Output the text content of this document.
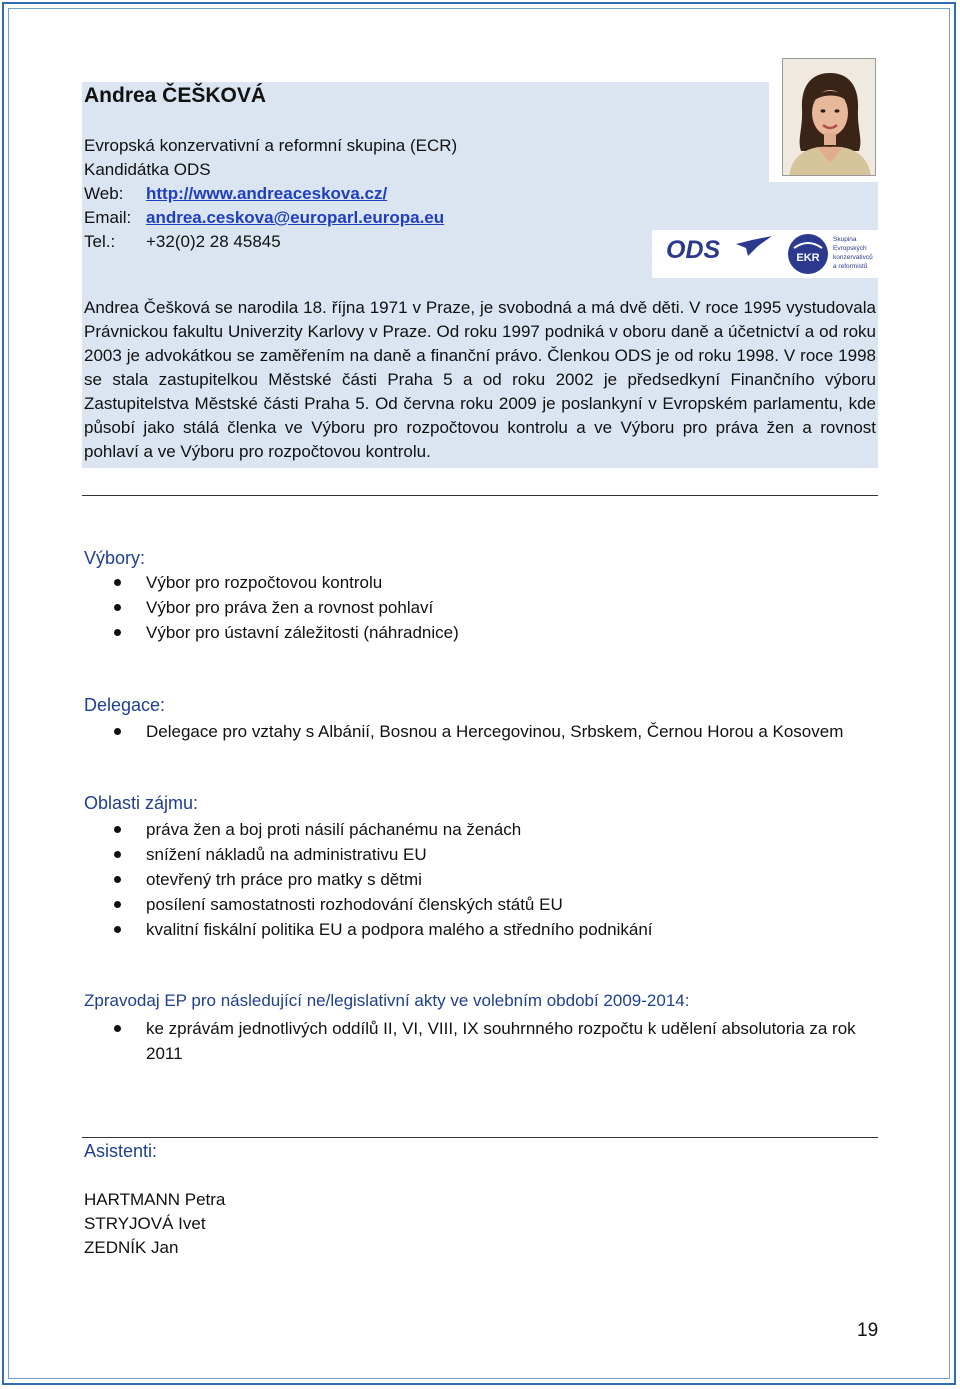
ODS	EKR
Skupina
Evropských
konzervativců
a reformistů
Andrea ČEŠKOVÁ
Evropská konzervativní a reformní skupina (ECR)
Kandidátka ODS
Web: http://www.andreaceskova.cz/
Email: andrea.ceskova@europarl.europa.eu
Tel.: +32(0)2 28 45845
Andrea Češková se narodila 18. října 1971 v Praze, je svobodná a má dvě děti. V roce 1995 vystudovala Právnickou fakultu Univerzity Karlovy v Praze. Od roku 1997 podniká v oboru daně a účetnictví a od roku 2003 je advokátkou se zaměřením na daně a finanční právo. Členkou ODS je od roku 1998. V roce 1998 se stala zastupitelkou Městské části Praha 5 a od roku 2002 je předsedkyní Finančního výboru Zastupitelstva Městské části Praha 5. Od června roku 2009 je poslankyní v Evropském parlamentu, kde působí jako stálá členka ve Výboru pro rozpočtovou kontrolu a ve Výboru pro práva žen a rovnost pohlaví a ve Výboru pro rozpočtovou kontrolu.
Výbory:
Výbor pro rozpočtovou kontrolu
Výbor pro práva žen a rovnost pohlaví
Výbor pro ústavní záležitosti (náhradnice)
Delegace:
Delegace pro vztahy s Albánií, Bosnou a Hercegovinou, Srbskem, Černou Horou a Kosovem
Oblasti zájmu:
práva žen a boj proti násilí páchanému na ženách
snížení nákladů na administrativu EU
otevřený trh práce pro matky s dětmi
posílení samostatnosti rozhodování členských států EU
kvalitní fiskální politika EU a podpora malého a středního podnikání
Zpravodaj EP pro následující ne/legislativní akty ve volebním období 2009-2014:
ke zprávám jednotlivých oddílů II, VI, VIII, IX souhrnného rozpočtu k udělení absolutoria za rok 2011
Asistenti:
HARTMANN Petra
STRYJOVÁ Ivet
ZEDNÍK Jan
19
